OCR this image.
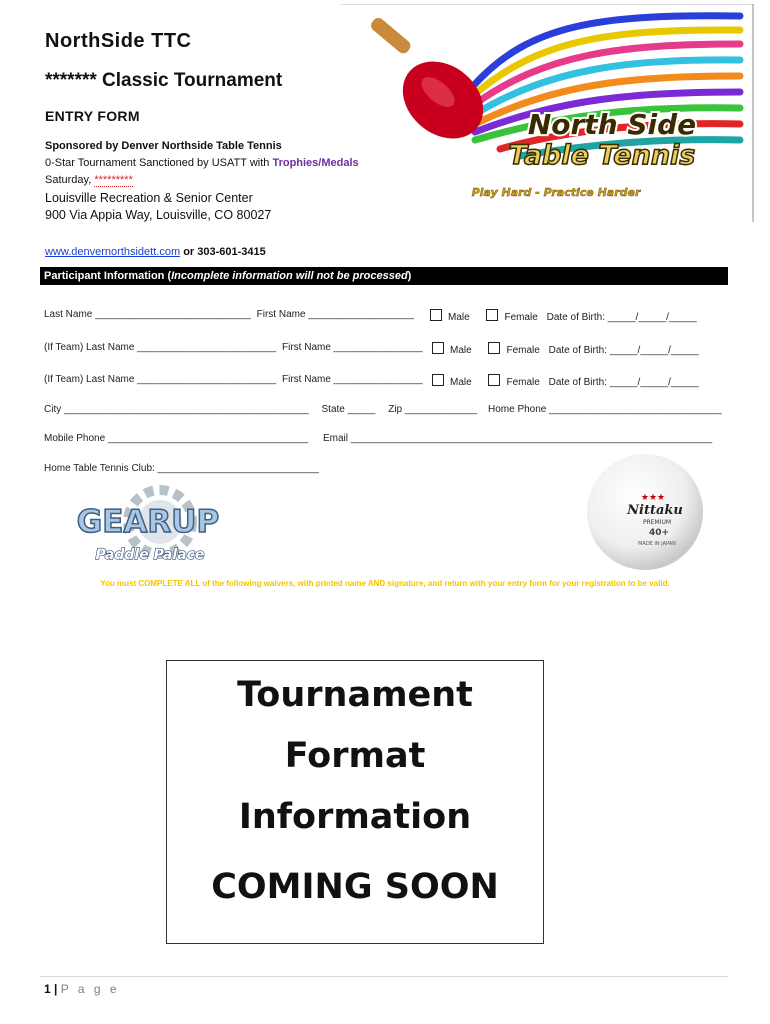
NorthSide TTC
******* Classic Tournament
ENTRY FORM
Sponsored by Denver Northside Table Tennis
0-Star Tournament Sanctioned by USATT with Trophies/Medals
Saturday, *********
Louisville Recreation & Senior Center
900 Via Appia Way, Louisville, CO 80027
www.denvernorthsidett.com or 303-601-3415
North Side
Table Tennis
Play Hard - Practice Harder
Participant Information (Incomplete information will not be processed)
Last Name ____________________________ First Name ___________________	Male	Female Date of Birth: _____/_____/_____
(If Team) Last Name _________________________ First Name ________________	Male	Female Date of Birth: _____/_____/_____
(If Team) Last Name _________________________ First Name ________________	Male	Female Date of Birth: _____/_____/_____
City ____________________________________________ State _____ Zip _____________ Home Phone _______________________________
Mobile Phone ____________________________________ Email _________________________________________________________________
Home Table Tennis Club: _____________________________
GEARUP
Paddle Palace
★★★
Nittaku
PREMIUM
40+
MADE IN JAPAN
You must COMPLETE ALL of the following waivers, with printed name AND signature, and return with your entry form for your registration to be valid.
Tournament
Format
Information
COMING SOON
1 | P a g e
